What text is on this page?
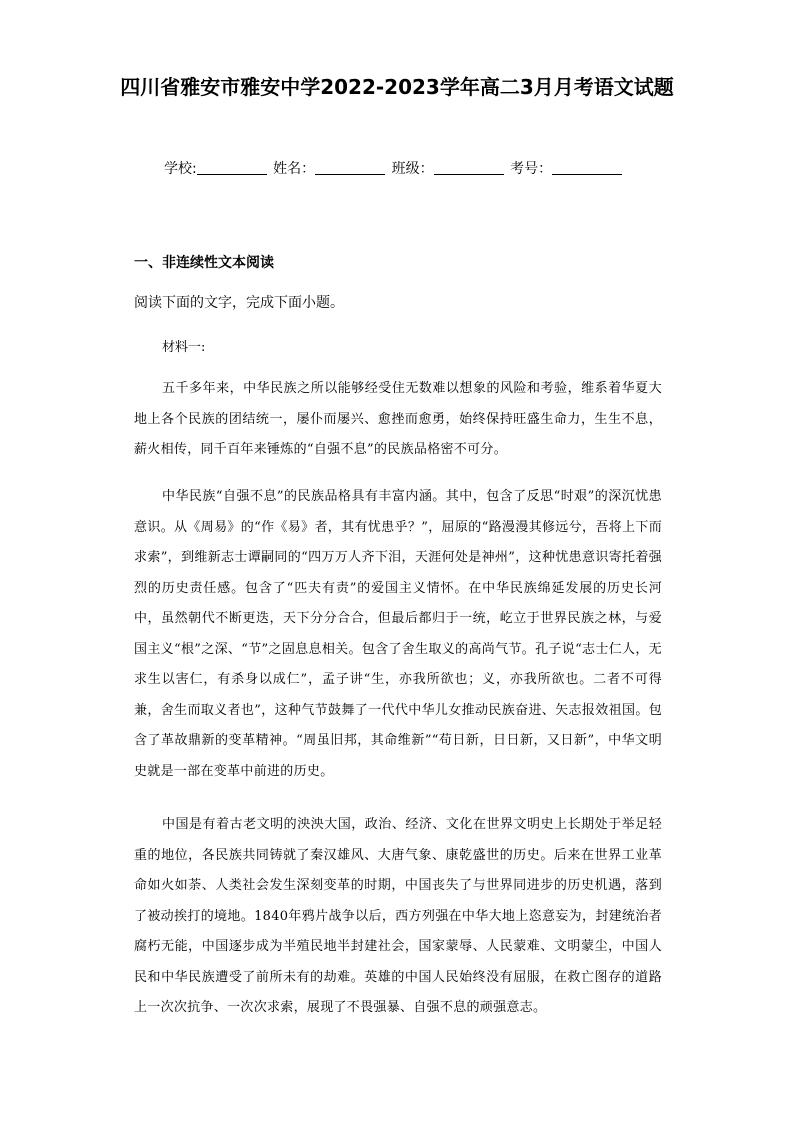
四川省雅安市雅安中学2022-2023学年高二3月月考语文试题
学校:	姓名：	班级：	考号：
一、非连续性文本阅读
阅读下面的文字，完成下面小题。
材料一:
五千多年来，中华民族之所以能够经受住无数难以想象的风险和考验，维系着华夏大地上各个民族的团结统一，屡仆而屡兴、愈挫而愈勇，始终保持旺盛生命力，生生不息，薪火相传，同千百年来锤炼的“自强不息”的民族品格密不可分。
中华民族“自强不息”的民族品格具有丰富内涵。其中，包含了反思“时艰”的深沉忧患意识。从《周易》的“作《易》者，其有忧患乎？”，屈原的“路漫漫其修远兮，吾将上下而求索”，到维新志士谭嗣同的“四万万人齐下泪，天涯何处是神州”，这种忧患意识寄托着强烈的历史责任感。包含了“匹夫有责”的爱国主义情怀。在中华民族绵延发展的历史长河中，虽然朝代不断更迭，天下分分合合，但最后都归于一统，屹立于世界民族之林，与爱国主义“根”之深、“节”之固息息相关。包含了舍生取义的高尚气节。孔子说“志士仁人，无求生以害仁，有杀身以成仁”，孟子讲“生，亦我所欲也；义，亦我所欲也。二者不可得兼，舍生而取义者也”，这种气节鼓舞了一代代中华儿女推动民族奋进、矢志报效祖国。包含了革故鼎新的变革精神。“周虽旧邦，其命维新”“苟日新，日日新，又日新”，中华文明史就是一部在变革中前进的历史。
中国是有着古老文明的泱泱大国，政治、经济、文化在世界文明史上长期处于举足轻重的地位，各民族共同铸就了秦汉雄风、大唐气象、康乾盛世的历史。后来在世界工业革命如火如荼、人类社会发生深刻变革的时期，中国丧失了与世界同进步的历史机遇，落到了被动挨打的境地。1840年鸦片战争以后，西方列强在中华大地上恣意妄为，封建统治者腐朽无能，中国逐步成为半殖民地半封建社会，国家蒙辱、人民蒙难、文明蒙尘，中国人民和中华民族遭受了前所未有的劫难。英雄的中国人民始终没有屈服，在救亡图存的道路上一次次抗争、一次次求索，展现了不畏强暴、自强不息的顽强意志。
